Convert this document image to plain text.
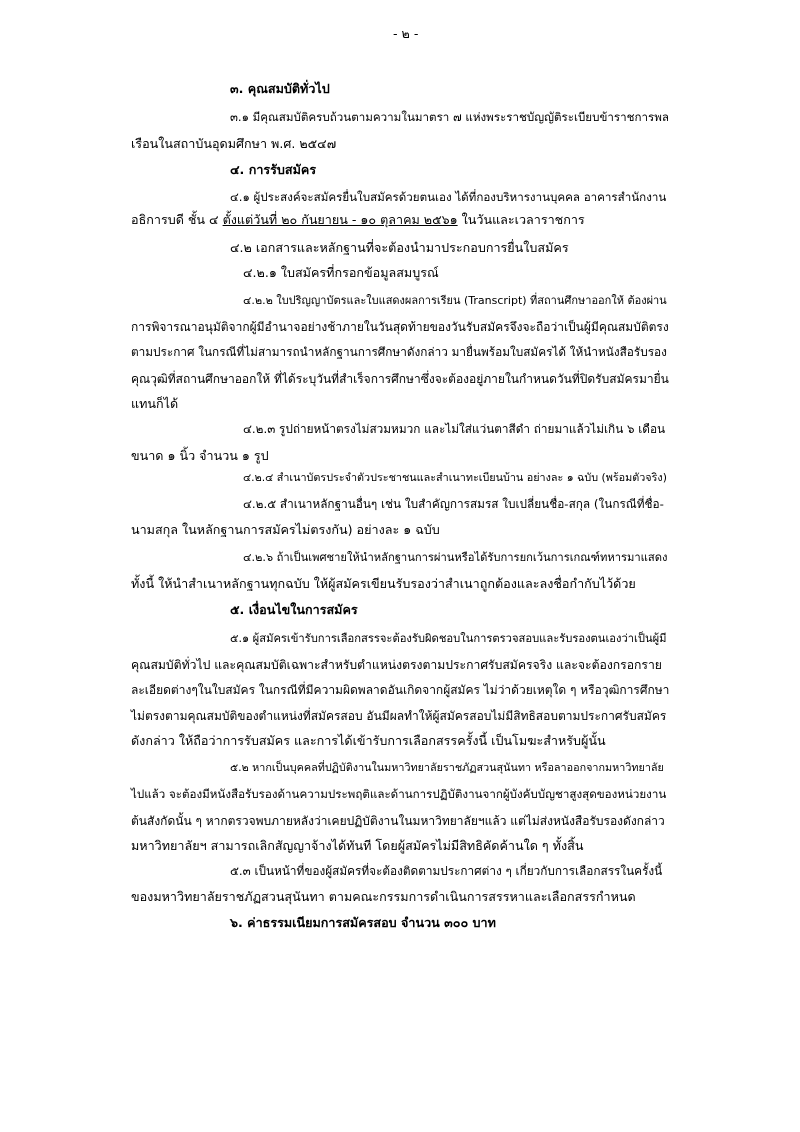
- ๒ -
๓. คุณสมบัติทั่วไป
๓.๑ มีคุณสมบัติครบถ้วนตามความในมาตรา ๗ แห่งพระราชบัญญัติระเบียบข้าราชการพล
เรือนในสถาบันอุดมศึกษา พ.ศ. ๒๕๔๗
๔. การรับสมัคร
๔.๑ ผู้ประสงค์จะสมัครยื่นใบสมัครด้วยตนเอง ได้ที่กองบริหารงานบุคคล อาคารสำนักงาน
อธิการบดี ชั้น ๔ ตั้งแต่วันที่ ๒๐ กันยายน - ๑๐ ตุลาคม ๒๕๖๑ ในวันและเวลาราชการ
๔.๒ เอกสารและหลักฐานที่จะต้องนำมาประกอบการยื่นใบสมัคร
๔.๒.๑ ใบสมัครที่กรอกข้อมูลสมบูรณ์
๔.๒.๒ ใบปริญญาบัตรและใบแสดงผลการเรียน (Transcript) ที่สถานศึกษาออกให้ ต้องผ่าน
การพิจารณาอนุมัติจากผู้มีอำนาจอย่างช้าภายในวันสุดท้ายของวันรับสมัครจึงจะถือว่าเป็นผู้มีคุณสมบัติตรง
ตามประกาศ ในกรณีที่ไม่สามารถนำหลักฐานการศึกษาดังกล่าว มายื่นพร้อมใบสมัครได้ ให้นำหนังสือรับรอง
คุณวุฒิที่สถานศึกษาออกให้ ที่ได้ระบุวันที่สำเร็จการศึกษาซึ่งจะต้องอยู่ภายในกำหนดวันที่ปิดรับสมัครมายื่น
แทนก็ได้
๔.๒.๓ รูปถ่ายหน้าตรงไม่สวมหมวก และไม่ใส่แว่นตาสีดำ ถ่ายมาแล้วไม่เกิน ๖ เดือน
ขนาด ๑ นิ้ว จำนวน ๑ รูป
๔.๒.๔ สำเนาบัตรประจำตัวประชาชนและสำเนาทะเบียนบ้าน อย่างละ ๑ ฉบับ (พร้อมตัวจริง)
๔.๒.๕ สำเนาหลักฐานอื่นๆ เช่น ใบสำคัญการสมรส ใบเปลี่ยนชื่อ-สกุล (ในกรณีที่ชื่อ-
นามสกุล ในหลักฐานการสมัครไม่ตรงกัน) อย่างละ ๑ ฉบับ
๔.๒.๖ ถ้าเป็นเพศชายให้นำหลักฐานการผ่านหรือได้รับการยกเว้นการเกณฑ์ทหารมาแสดง
ทั้งนี้ ให้นำสำเนาหลักฐานทุกฉบับ ให้ผู้สมัครเขียนรับรองว่าสำเนาถูกต้องและลงชื่อกำกับไว้ด้วย
๕. เงื่อนไขในการสมัคร
๕.๑ ผู้สมัครเข้ารับการเลือกสรรจะต้องรับผิดชอบในการตรวจสอบและรับรองตนเองว่าเป็นผู้มี
คุณสมบัติทั่วไป และคุณสมบัติเฉพาะสำหรับตำแหน่งตรงตามประกาศรับสมัครจริง และจะต้องกรอกราย
ละเอียดต่างๆในใบสมัคร ในกรณีที่มีความผิดพลาดอันเกิดจากผู้สมัคร ไม่ว่าด้วยเหตุใด ๆ หรือวุฒิการศึกษา
ไม่ตรงตามคุณสมบัติของตำแหน่งที่สมัครสอบ อันมีผลทำให้ผู้สมัครสอบไม่มีสิทธิสอบตามประกาศรับสมัคร
ดังกล่าว ให้ถือว่าการรับสมัคร และการได้เข้ารับการเลือกสรรครั้งนี้ เป็นโมฆะสำหรับผู้นั้น
๕.๒ หากเป็นบุคคลที่ปฏิบัติงานในมหาวิทยาลัยราชภัฏสวนสุนันทา หรือลาออกจากมหาวิทยาลัย
ไปแล้ว จะต้องมีหนังสือรับรองด้านความประพฤติและด้านการปฏิบัติงานจากผู้บังคับบัญชาสูงสุดของหน่วยงาน
ต้นสังกัดนั้น ๆ หากตรวจพบภายหลังว่าเคยปฏิบัติงานในมหาวิทยาลัยฯแล้ว แต่ไม่ส่งหนังสือรับรองดังกล่าว
มหาวิทยาลัยฯ สามารถเลิกสัญญาจ้างได้ทันที โดยผู้สมัครไม่มีสิทธิคัดค้านใด ๆ ทั้งสิ้น
๕.๓ เป็นหน้าที่ของผู้สมัครที่จะต้องติดตามประกาศต่าง ๆ เกี่ยวกับการเลือกสรรในครั้งนี้
ของมหาวิทยาลัยราชภัฏสวนสุนันทา ตามคณะกรรมการดำเนินการสรรหาและเลือกสรรกำหนด
๖. ค่าธรรมเนียมการสมัครสอบ จำนวน ๓๐๐ บาท
